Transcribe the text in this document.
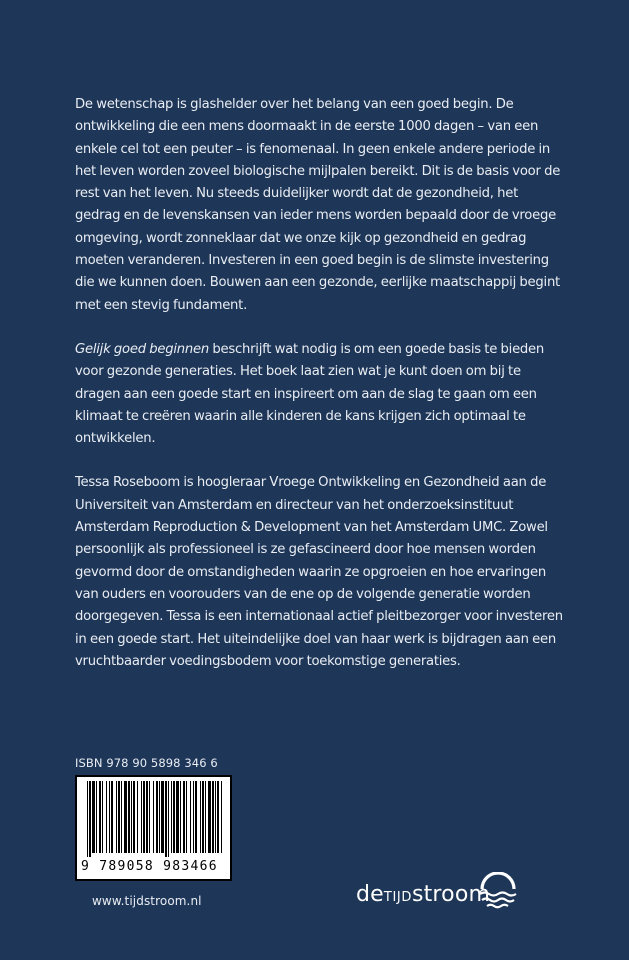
De wetenschap is glashelder over het belang van een goed begin. De ontwikkeling die een mens doormaakt in de eerste 1000 dagen – van een enkele cel tot een peuter – is fenomenaal. In geen enkele andere periode in het leven worden zoveel biologische mijlpalen bereikt. Dit is de basis voor de rest van het leven. Nu steeds duidelijker wordt dat de gezondheid, het gedrag en de levenskansen van ieder mens worden bepaald door de vroege omgeving, wordt zonneklaar dat we onze kijk op gezondheid en gedrag moeten veranderen. Investeren in een goed begin is de slimste investering die we kunnen doen. Bouwen aan een gezonde, eerlijke maatschappij begint met een stevig fundament.

Gelijk goed beginnen beschrijft wat nodig is om een goede basis te bieden voor gezonde generaties. Het boek laat zien wat je kunt doen om bij te dragen aan een goede start en inspireert om aan de slag te gaan om een klimaat te creëren waarin alle kinderen de kans krijgen zich optimaal te ontwikkelen.

Tessa Roseboom is hoogleraar Vroege Ontwikkeling en Gezondheid aan de Universiteit van Amsterdam en directeur van het onderzoeksinstituut Amsterdam Reproduction & Development van het Amsterdam UMC. Zowel persoonlijk als professioneel is ze gefascineerd door hoe mensen worden gevormd door de omstandigheden waarin ze opgroeien en hoe ervaringen van ouders en voorouders van de ene op de volgende generatie worden doorgegeven. Tessa is een internationaal actief pleitbezorger voor investeren in een goede start. Het uiteindelijke doel van haar werk is bijdragen aan een vruchtbaarder voedingsbodem voor toekomstige generaties.

ISBN 978 90 5898 346 6
9 789058 983466
www.tijdstroom.nl	deTIJDstroom
